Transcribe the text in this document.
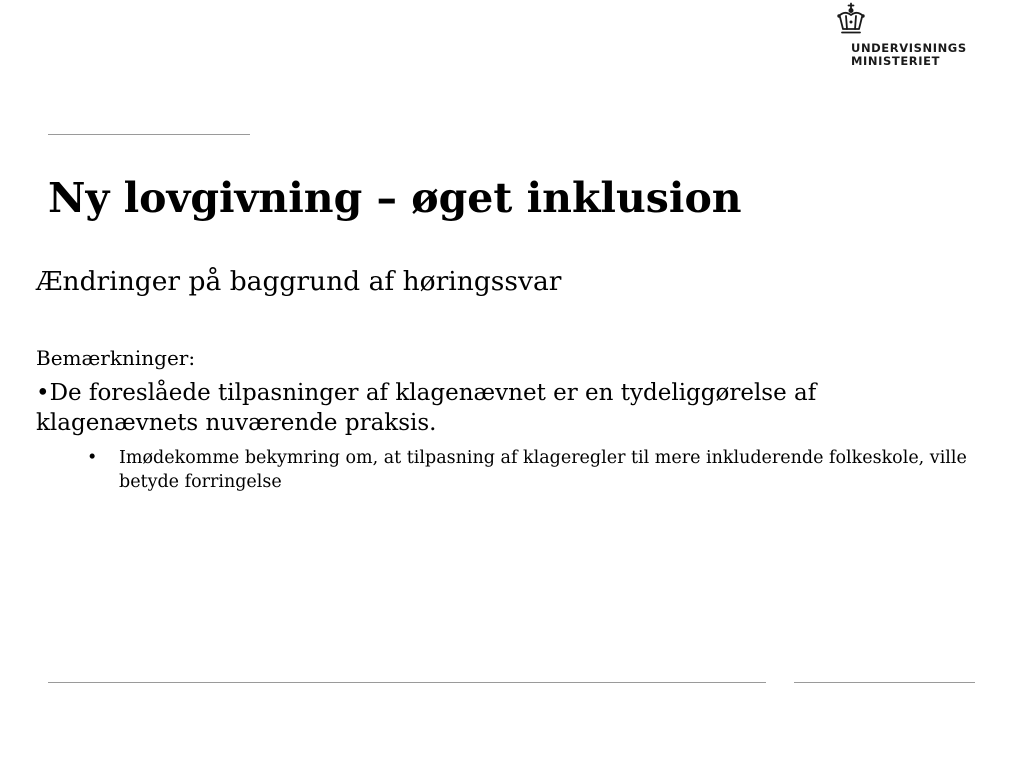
UNDERVISNINGS
MINISTERIET
Ny lovgivning – øget inklusion
Ændringer på baggrund af høringssvar
Bemærkninger:
•De foreslåede tilpasninger af klagenævnet er en tydeliggørelse af klagenævnets nuværende praksis.
• Imødekomme bekymring om, at tilpasning af klageregler til mere inkluderende folkeskole, ville betyde forringelse
